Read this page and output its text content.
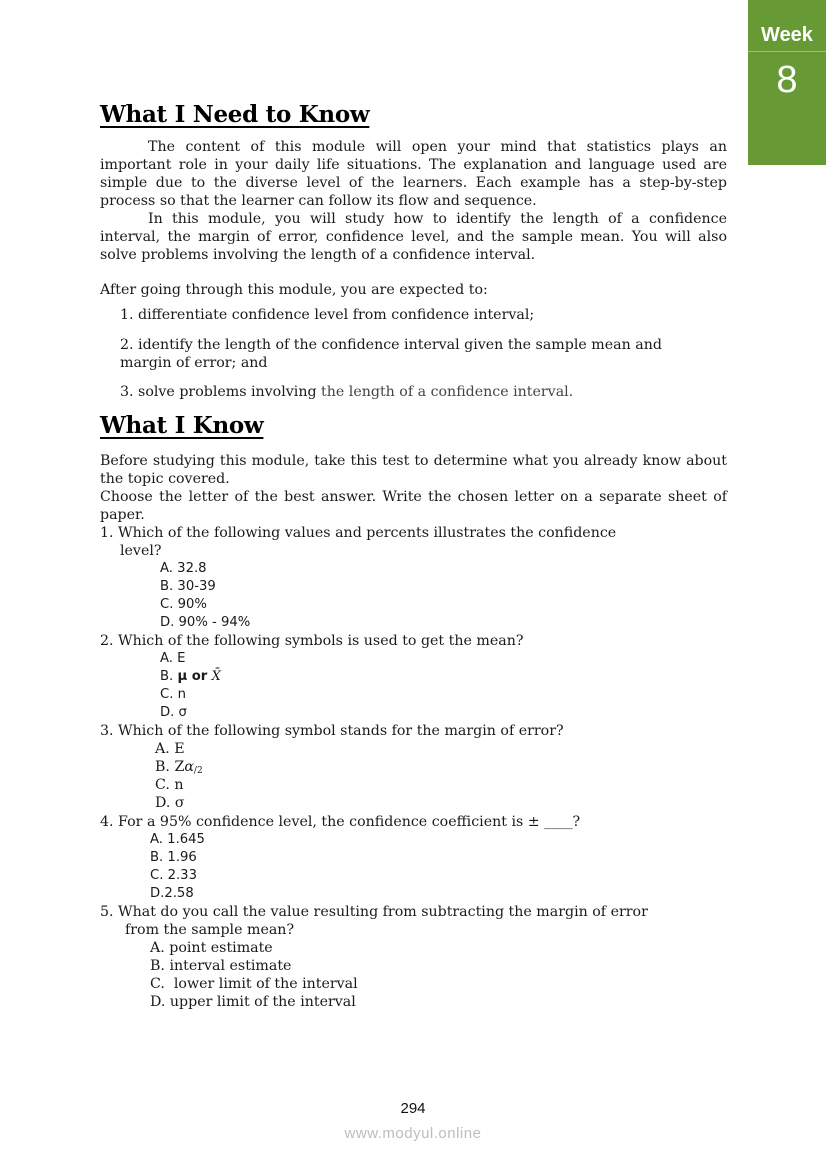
Week
8
What I Need to Know

The content of this module will open your mind that statistics plays an important role in your daily life situations. The explanation and language used are simple due to the diverse level of the learners. Each example has a step-by-step process so that the learner can follow its flow and sequence.

In this module, you will study how to identify the length of a confidence interval, the margin of error, confidence level, and the sample mean. You will also solve problems involving the length of a confidence interval.

After going through this module, you are expected to:

1. differentiate confidence level from confidence interval;

2. identify the length of the confidence interval given the sample mean and

margin of error; and

3. solve problems involving the length of a confidence interval.

What I Know

Before studying this module, take this test to determine what you already know about the topic covered.

Choose the letter of the best answer. Write the chosen letter on a separate sheet of paper.

1. Which of the following values and percents illustrates the confidence

level?

A. 32.8
B. 30-39
C. 90%
D. 90% - 94%

2. Which of the following symbols is used to get the mean?

A. E
B. µ or X̄
C. n
D. σ

3. Which of the following symbol stands for the margin of error?

A. E
B. $Z\alpha_{/2}$
C. n
D. σ

4. For a 95% confidence level, the confidence coefficient is ± ____?

A. 1.645
B. 1.96
C. 2.33
D.2.58

5. What do you call the value resulting from subtracting the margin of error

from the sample mean?

A. point estimate
B. interval estimate
C.  lower limit of the interval
D. upper limit of the interval
294
www.modyul.online
